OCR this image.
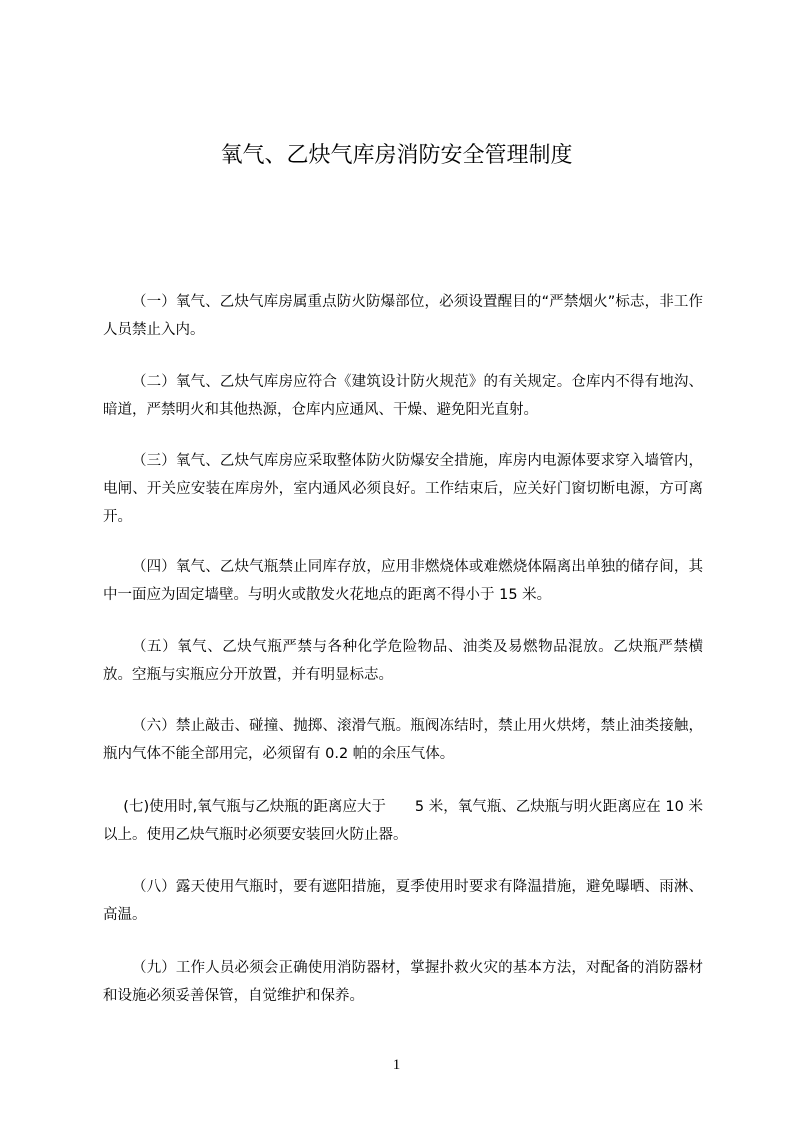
氧气、乙炔气库房消防安全管理制度

（一）氧气、乙炔气库房属重点防火防爆部位，必须设置醒目的“严禁烟火”标志，非工作人员禁止入内。

（二）氧气、乙炔气库房应符合《建筑设计防火规范》的有关规定。仓库内不得有地沟、暗道，严禁明火和其他热源，仓库内应通风、干燥、避免阳光直射。

（三）氧气、乙炔气库房应采取整体防火防爆安全措施，库房内电源体要求穿入墙管内，电闸、开关应安装在库房外，室内通风必须良好。工作结束后，应关好门窗切断电源，方可离开。

（四）氧气、乙炔气瓶禁止同库存放，应用非燃烧体或难燃烧体隔离出单独的储存间，其中一面应为固定墙壁。与明火或散发火花地点的距离不得小于 15 米。

（五）氧气、乙炔气瓶严禁与各种化学危险物品、油类及易燃物品混放。乙炔瓶严禁横放。空瓶与实瓶应分开放置，并有明显标志。

（六）禁止敲击、碰撞、抛掷、滚滑气瓶。瓶阀冻结时，禁止用火烘烤，禁止油类接触，瓶内气体不能全部用完，必须留有 0.2 帕的余压气体。

(七)使用时,氧气瓶与乙炔瓶的距离应大于　　5 米，氧气瓶、乙炔瓶与明火距离应在 10 米以上。使用乙炔气瓶时必须要安装回火防止器。

（八）露天使用气瓶时，要有遮阳措施，夏季使用时要求有降温措施，避免曝晒、雨淋、高温。

（九）工作人员必须会正确使用消防器材，掌握扑救火灾的基本方法，对配备的消防器材和设施必须妥善保管，自觉维护和保养。

1
